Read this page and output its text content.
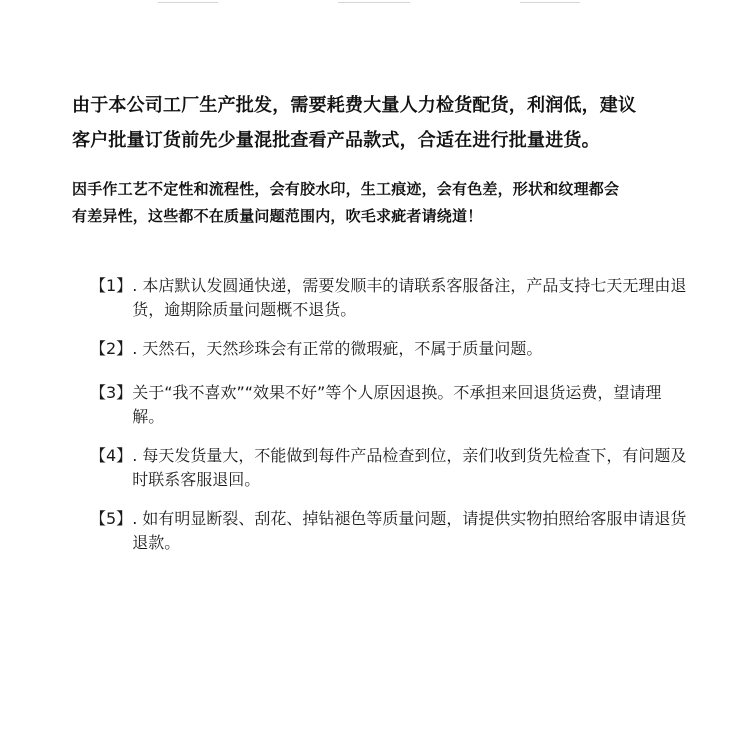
由于本公司工厂生产批发，需要耗费大量人力检货配货，利润低，建议
客户批量订货前先少量混批查看产品款式，合适在进行批量进货。
因手作工艺不定性和流程性，会有胶水印，生工痕迹，会有色差，形状和纹理都会
有差异性，这些都不在质量问题范围内，吹毛求疵者请绕道！
【1】 . 本店默认发圆通快递，需要发顺丰的请联系客服备注，产品支持七天无理由退货，逾期除质量问题概不退货。
【2】 . 天然石，天然珍珠会有正常的微瑕疵，不属于质量问题。
【3】 关于“我不喜欢”“效果不好”等个人原因退换。不承担来回退货运费，望请理解。
【4】 . 每天发货量大，不能做到每件产品检查到位，亲们收到货先检查下，有问题及时联系客服退回。
【5】 . 如有明显断裂、刮花、掉钻褪色等质量问题，请提供实物拍照给客服申请退货退款。
